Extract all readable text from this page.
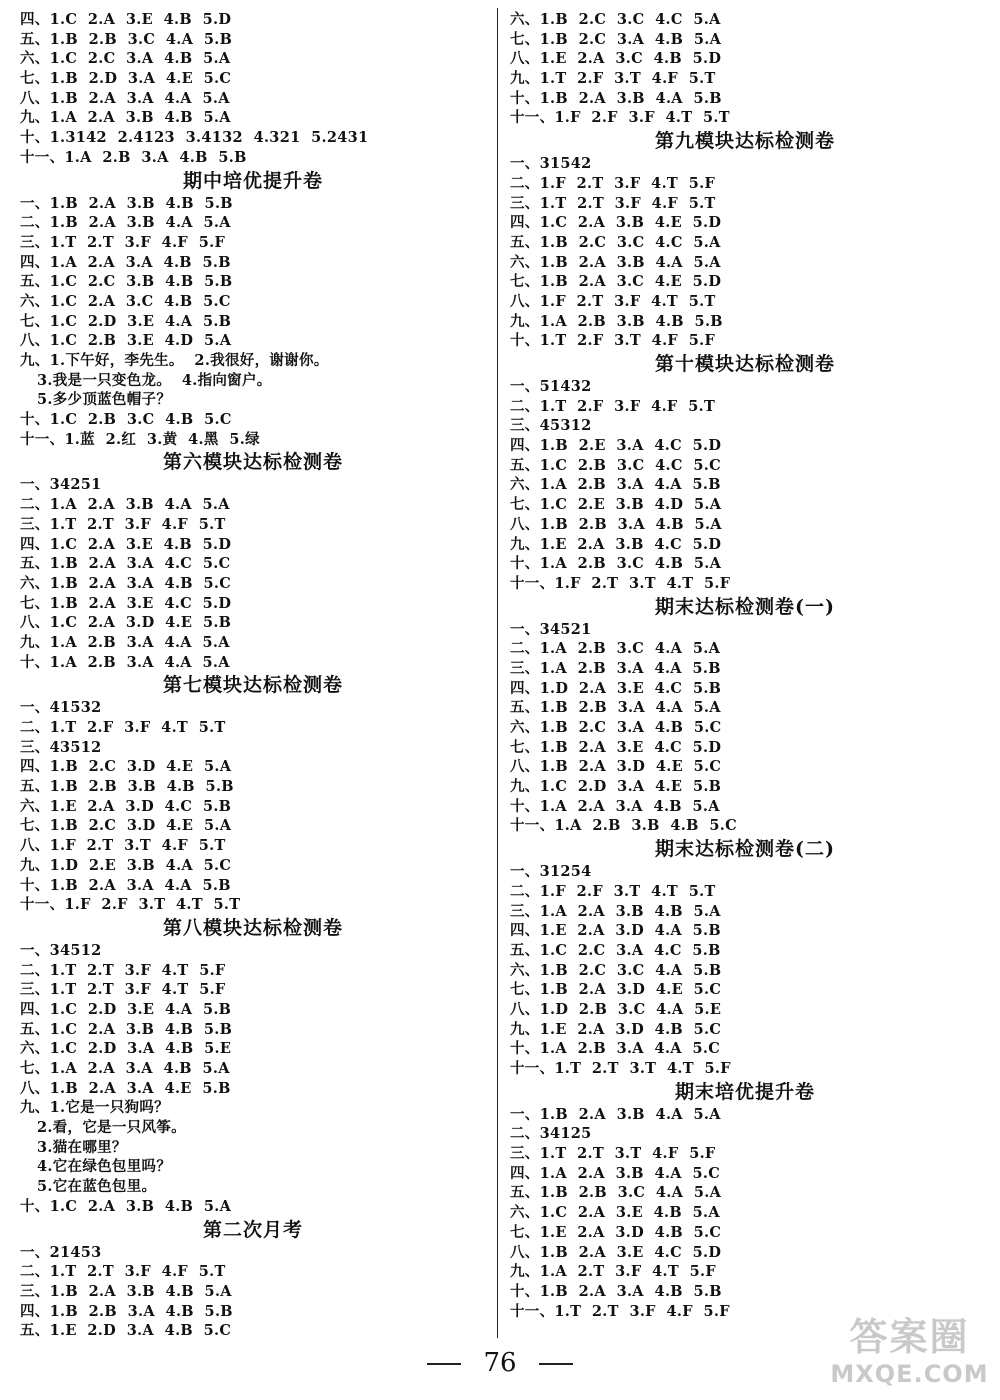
四、1.C  2.A  3.E  4.B  5.D
五、1.B  2.B  3.C  4.A  5.B
六、1.C  2.C  3.A  4.B  5.A
七、1.B  2.D  3.A  4.E  5.C
八、1.B  2.A  3.A  4.A  5.A
九、1.A  2.A  3.B  4.B  5.A
十、1.3142  2.4123  3.4132  4.321  5.2431
十一、1.A  2.B  3.A  4.B  5.B
期中培优提升卷
一、1.B  2.A  3.B  4.B  5.B
二、1.B  2.A  3.B  4.A  5.A
三、1.T  2.T  3.F  4.F  5.F
四、1.A  2.A  3.A  4.B  5.B
五、1.C  2.C  3.B  4.B  5.B
六、1.C  2.A  3.C  4.B  5.C
七、1.C  2.D  3.E  4.A  5.B
八、1.C  2.B  3.E  4.D  5.A
九、1.下午好，李先生。  2.我很好，谢谢你。
3.我是一只变色龙。  4.指向窗户。
5.多少顶蓝色帽子？
十、1.C  2.B  3.C  4.B  5.C
十一、1.蓝  2.红  3.黄  4.黑  5.绿
第六模块达标检测卷
一、34251
二、1.A  2.A  3.B  4.A  5.A
三、1.T  2.T  3.F  4.F  5.T
四、1.C  2.A  3.E  4.B  5.D
五、1.B  2.A  3.A  4.C  5.C
六、1.B  2.A  3.A  4.B  5.C
七、1.B  2.A  3.E  4.C  5.D
八、1.C  2.A  3.D  4.E  5.B
九、1.A  2.B  3.A  4.A  5.A
十、1.A  2.B  3.A  4.A  5.A
第七模块达标检测卷
一、41532
二、1.T  2.F  3.F  4.T  5.T
三、43512
四、1.B  2.C  3.D  4.E  5.A
五、1.B  2.B  3.B  4.B  5.B
六、1.E  2.A  3.D  4.C  5.B
七、1.B  2.C  3.D  4.E  5.A
八、1.F  2.T  3.T  4.F  5.T
九、1.D  2.E  3.B  4.A  5.C
十、1.B  2.A  3.A  4.A  5.B
十一、1.F  2.F  3.T  4.T  5.T
第八模块达标检测卷
一、34512
二、1.T  2.T  3.F  4.T  5.F
三、1.T  2.T  3.F  4.T  5.F
四、1.C  2.D  3.E  4.A  5.B
五、1.C  2.A  3.B  4.B  5.B
六、1.C  2.D  3.A  4.B  5.E
七、1.A  2.A  3.A  4.B  5.A
八、1.B  2.A  3.A  4.E  5.B
九、1.它是一只狗吗？
2.看，它是一只风筝。
3.猫在哪里？
4.它在绿色包里吗？
5.它在蓝色包里。
十、1.C  2.A  3.B  4.B  5.A
第二次月考
一、21453
二、1.T  2.T  3.F  4.F  5.T
三、1.B  2.A  3.B  4.B  5.A
四、1.B  2.B  3.A  4.B  5.B
五、1.E  2.D  3.A  4.B  5.C
六、1.B  2.C  3.C  4.C  5.A
七、1.B  2.C  3.A  4.B  5.A
八、1.E  2.A  3.C  4.B  5.D
九、1.T  2.F  3.T  4.F  5.T
十、1.B  2.A  3.B  4.A  5.B
十一、1.F  2.F  3.F  4.T  5.T
第九模块达标检测卷
一、31542
二、1.F  2.T  3.F  4.T  5.F
三、1.T  2.T  3.F  4.F  5.T
四、1.C  2.A  3.B  4.E  5.D
五、1.B  2.C  3.C  4.C  5.A
六、1.B  2.A  3.B  4.A  5.A
七、1.B  2.A  3.C  4.E  5.D
八、1.F  2.T  3.F  4.T  5.T
九、1.A  2.B  3.B  4.B  5.B
十、1.T  2.F  3.T  4.F  5.F
第十模块达标检测卷
一、51432
二、1.T  2.F  3.F  4.F  5.T
三、45312
四、1.B  2.E  3.A  4.C  5.D
五、1.C  2.B  3.C  4.C  5.C
六、1.A  2.B  3.A  4.A  5.B
七、1.C  2.E  3.B  4.D  5.A
八、1.B  2.B  3.A  4.B  5.A
九、1.E  2.A  3.B  4.C  5.D
十、1.A  2.B  3.C  4.B  5.A
十一、1.F  2.T  3.T  4.T  5.F
期末达标检测卷(一)
一、34521
二、1.A  2.B  3.C  4.A  5.A
三、1.A  2.B  3.A  4.A  5.B
四、1.D  2.A  3.E  4.C  5.B
五、1.B  2.B  3.A  4.A  5.A
六、1.B  2.C  3.A  4.B  5.C
七、1.B  2.A  3.E  4.C  5.D
八、1.B  2.A  3.D  4.E  5.C
九、1.C  2.D  3.A  4.E  5.B
十、1.A  2.A  3.A  4.B  5.A
十一、1.A  2.B  3.B  4.B  5.C
期末达标检测卷(二)
一、31254
二、1.F  2.F  3.T  4.T  5.T
三、1.A  2.A  3.B  4.B  5.A
四、1.E  2.A  3.D  4.A  5.B
五、1.C  2.C  3.A  4.C  5.B
六、1.B  2.C  3.C  4.A  5.B
七、1.B  2.A  3.D  4.E  5.C
八、1.D  2.B  3.C  4.A  5.E
九、1.E  2.A  3.D  4.B  5.C
十、1.A  2.B  3.A  4.A  5.C
十一、1.T  2.T  3.T  4.T  5.F
期末培优提升卷
一、1.B  2.A  3.B  4.A  5.A
二、34125
三、1.T  2.T  3.T  4.F  5.F
四、1.A  2.A  3.B  4.A  5.C
五、1.B  2.B  3.C  4.A  5.A
六、1.C  2.A  3.E  4.B  5.A
七、1.E  2.A  3.D  4.B  5.C
八、1.B  2.A  3.E  4.C  5.D
九、1.A  2.T  3.F  4.T  5.F
十、1.B  2.A  3.A  4.B  5.B
十一、1.T  2.T  3.F  4.F  5.F
76
答案圈
MXQE.COM
